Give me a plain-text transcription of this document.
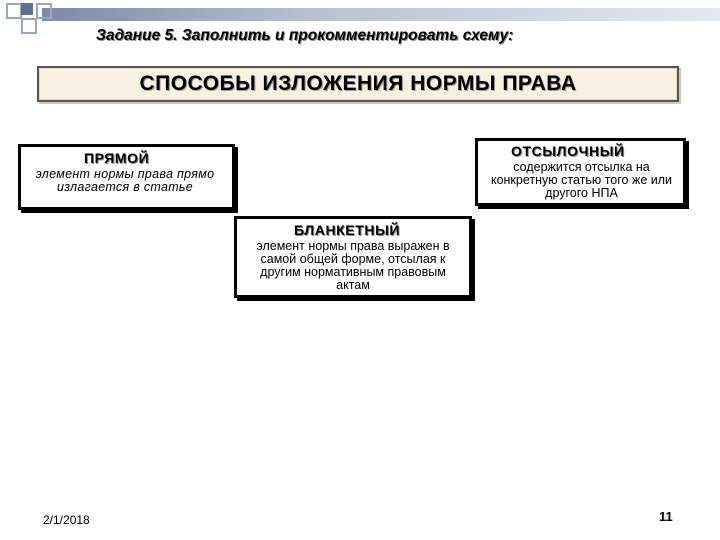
Задание 5. Заполнить и прокомментировать схему:
СПОСОБЫ ИЗЛОЖЕНИЯ НОРМЫ ПРАВА
ПРЯМОЙ
элемент нормы права прямо излагается в статье
ОТСЫЛОЧНЫЙ
содержится отсылка на конкретную статью того же или другого НПА
БЛАНКЕТНЫЙ
элемент нормы права выражен в самой общей форме, отсылая к другим нормативным правовым актам
2/1/2018	11
